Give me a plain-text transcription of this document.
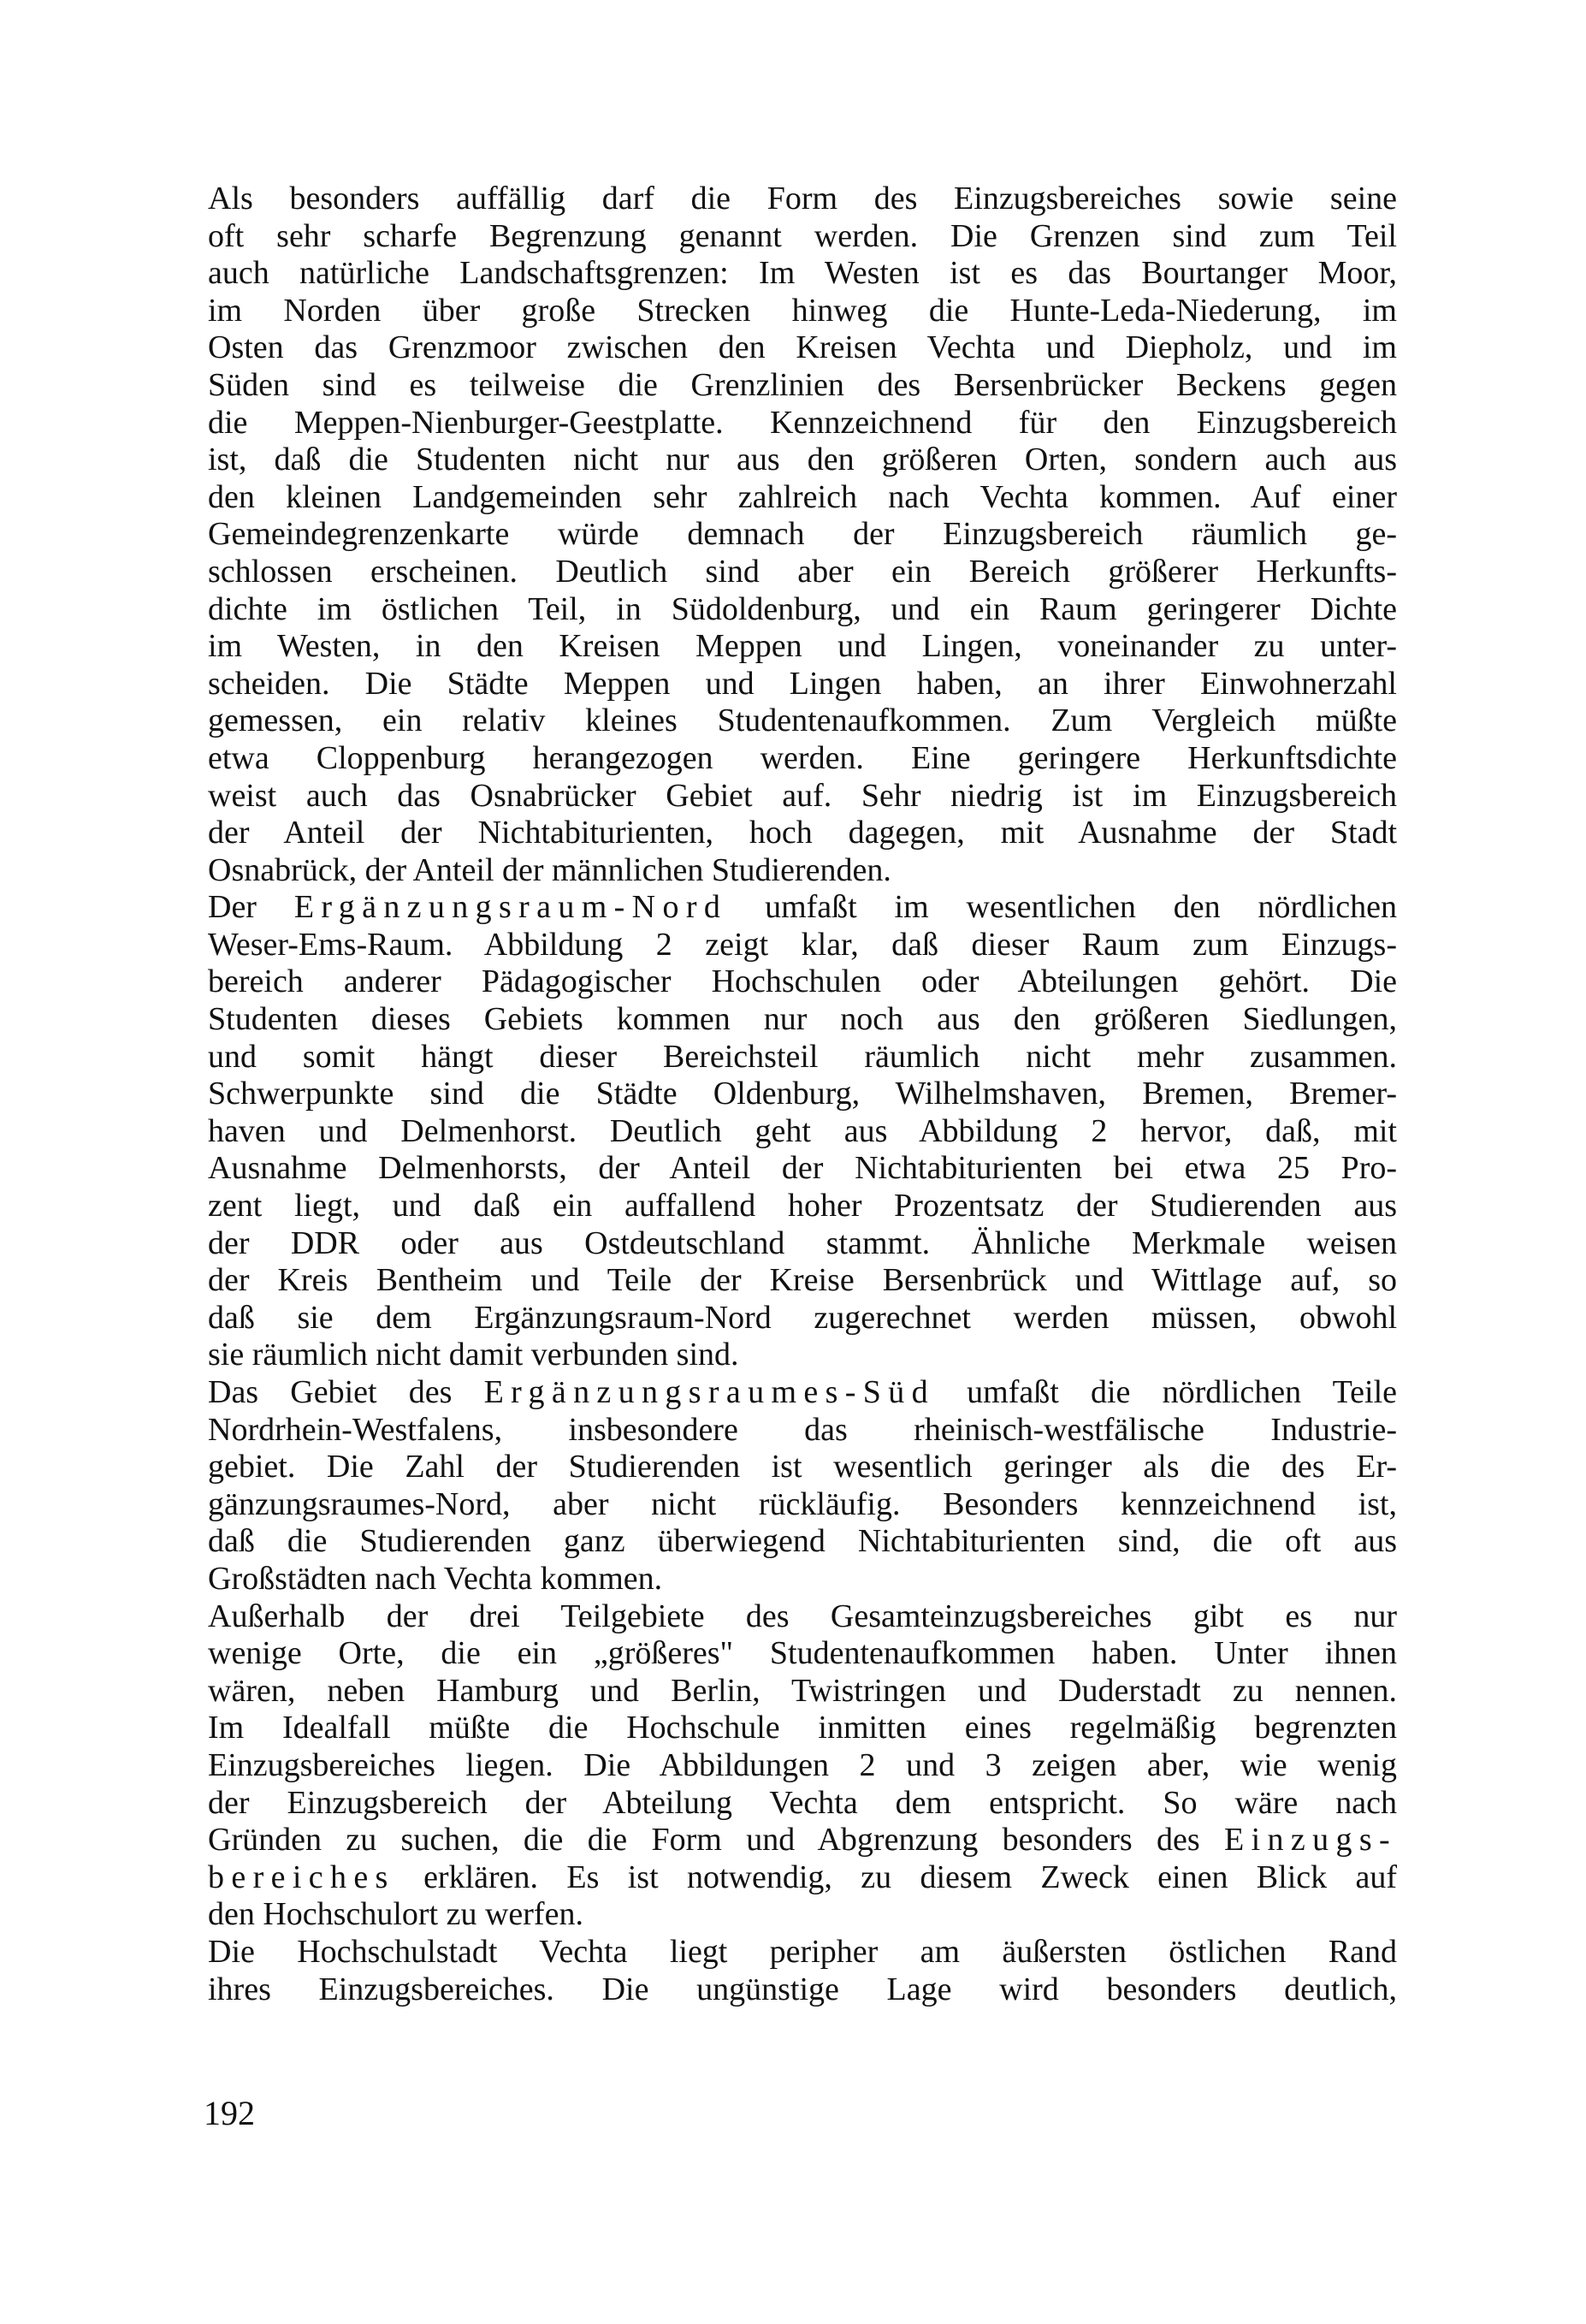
Als besonders auffällig darf die Form des Einzugsbereiches sowie seine
oft sehr scharfe Begrenzung genannt werden. Die Grenzen sind zum Teil
auch natürliche Landschaftsgrenzen: Im Westen ist es das Bourtanger Moor,
im Norden über große Strecken hinweg die Hunte-Leda-Niederung, im
Osten das Grenzmoor zwischen den Kreisen Vechta und Diepholz, und im
Süden sind es teilweise die Grenzlinien des Bersenbrücker Beckens gegen
die Meppen-Nienburger-Geestplatte. Kennzeichnend für den Einzugsbereich
ist, daß die Studenten nicht nur aus den größeren Orten, sondern auch aus
den kleinen Landgemeinden sehr zahlreich nach Vechta kommen. Auf einer
Gemeindegrenzenkarte würde demnach der Einzugsbereich räumlich ge-
schlossen erscheinen. Deutlich sind aber ein Bereich größerer Herkunfts-
dichte im östlichen Teil, in Südoldenburg, und ein Raum geringerer Dichte
im Westen, in den Kreisen Meppen und Lingen, voneinander zu unter-
scheiden. Die Städte Meppen und Lingen haben, an ihrer Einwohnerzahl
gemessen, ein relativ kleines Studentenaufkommen. Zum Vergleich müßte
etwa Cloppenburg herangezogen werden. Eine geringere Herkunftsdichte
weist auch das Osnabrücker Gebiet auf. Sehr niedrig ist im Einzugsbereich
der Anteil der Nichtabiturienten, hoch dagegen, mit Ausnahme der Stadt
Osnabrück, der Anteil der männlichen Studierenden.
Der Ergänzungsraum-Nord umfaßt im wesentlichen den nördlichen
Weser-Ems-Raum. Abbildung 2 zeigt klar, daß dieser Raum zum Einzugs-
bereich anderer Pädagogischer Hochschulen oder Abteilungen gehört. Die
Studenten dieses Gebiets kommen nur noch aus den größeren Siedlungen,
und somit hängt dieser Bereichsteil räumlich nicht mehr zusammen.
Schwerpunkte sind die Städte Oldenburg, Wilhelmshaven, Bremen, Bremer-
haven und Delmenhorst. Deutlich geht aus Abbildung 2 hervor, daß, mit
Ausnahme Delmenhorsts, der Anteil der Nichtabiturienten bei etwa 25 Pro-
zent liegt, und daß ein auffallend hoher Prozentsatz der Studierenden aus
der DDR oder aus Ostdeutschland stammt. Ähnliche Merkmale weisen
der Kreis Bentheim und Teile der Kreise Bersenbrück und Wittlage auf, so
daß sie dem Ergänzungsraum-Nord zugerechnet werden müssen, obwohl
sie räumlich nicht damit verbunden sind.
Das Gebiet des Ergänzungsraumes-Süd umfaßt die nördlichen Teile
Nordrhein-Westfalens, insbesondere das rheinisch-westfälische Industrie-
gebiet. Die Zahl der Studierenden ist wesentlich geringer als die des Er-
gänzungsraumes-Nord, aber nicht rückläufig. Besonders kennzeichnend ist,
daß die Studierenden ganz überwiegend Nichtabiturienten sind, die oft aus
Großstädten nach Vechta kommen.
Außerhalb der drei Teilgebiete des Gesamteinzugsbereiches gibt es nur
wenige Orte, die ein „größeres" Studentenaufkommen haben. Unter ihnen
wären, neben Hamburg und Berlin, Twistringen und Duderstadt zu nennen.
Im Idealfall müßte die Hochschule inmitten eines regelmäßig begrenzten
Einzugsbereiches liegen. Die Abbildungen 2 und 3 zeigen aber, wie wenig
der Einzugsbereich der Abteilung Vechta dem entspricht. So wäre nach
Gründen zu suchen, die die Form und Abgrenzung besonders des Einzugs-
bereiches erklären. Es ist notwendig, zu diesem Zweck einen Blick auf
den Hochschulort zu werfen.
Die Hochschulstadt Vechta liegt peripher am äußersten östlichen Rand
ihres Einzugsbereiches. Die ungünstige Lage wird besonders deutlich,
192
